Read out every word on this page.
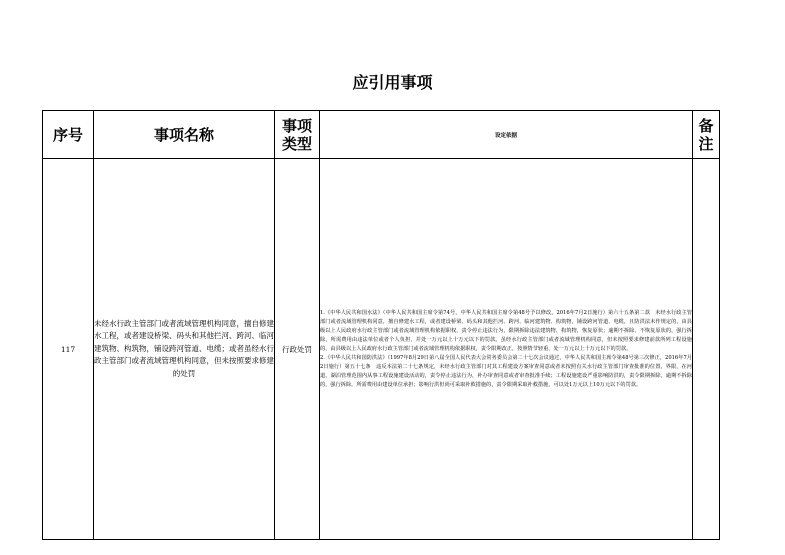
应引用事项
序号	事项名称	事项类型	设定依据	备注

117	未经水行政主管部门或者流域管理机构同意，擅自修建水工程，或者建设桥梁、码头和其他拦河、跨河、临河建筑物、构筑物，铺设跨河管道、电缆；或者虽经水行政主管部门或者流域管理机构同意，但未按照要求修建的处罚	行政处罚	1.《中华人民共和国水法》（中华人民共和国主席令第74号，中华人民共和国主席令第48号予以修改，2016年7月2日施行）第六十五条第二款　未经水行政主管部门或者流域管理机构同意，擅自修建水工程，或者建设桥梁、码头和其他拦河、跨河、临河建筑物、构筑物，铺设跨河管道、电缆，且防洪法未作规定的，由县级以上人民政府水行政主管部门或者流域管理机构依据职权，责令停止违法行为，限期拆除违法建筑物、构筑物，恢复原状；逾期不拆除、不恢复原状的，强行拆除，所需费用由违法单位或者个人负担，并处一万元以上十万元以下的罚款。虽经水行政主管部门或者流域管理机构同意，但未按照要求修建前款所列工程设施的，由县级以上人民政府水行政主管部门或者流域管理机构依据职权，责令限期改正，按照情节轻重，处一万元以上十万元以下的罚款。

2.《中华人民共和国防洪法》（1997年8月29日第八届全国人民代表大会常务委员会第二十七次会议通过，中华人民共和国主席令第48号第三次修正，2016年7月2日施行）第五十七条　违反本法第二十七条规定，未经水行政主管部门对其工程建设方案审查同意或者未按照有关水行政主管部门审查批准的位置、界限，在河道、湖泊管理范围内从事工程设施建设活动的，责令停止违法行为，补办审查同意或者审查批准手续；工程设施建设严重影响防洪的，责令限期拆除，逾期不拆除的，强行拆除，所需费用由建设单位承担；影响行洪但尚可采取补救措施的，责令限期采取补救措施，可以处1万元以上10万元以下的罚款。	
